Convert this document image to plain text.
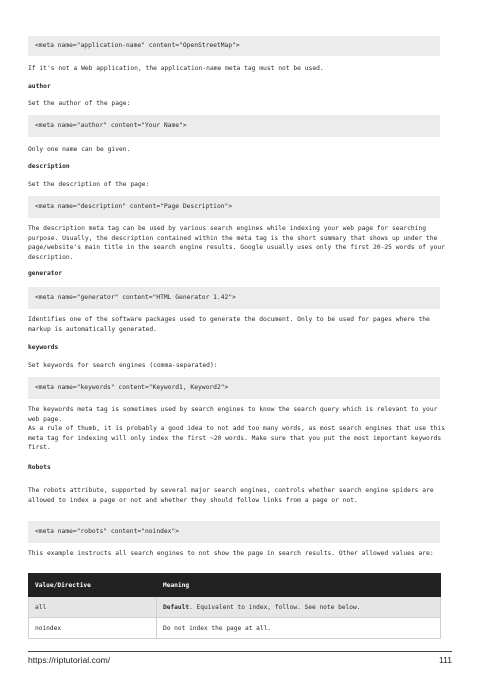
<meta name="application-name" content="OpenStreetMap">

If it's not a Web application, the application-name meta tag must not be used.

author

Set the author of the page:

<meta name="author" content="Your Name">

Only one name can be given.

description

Set the description of the page:

<meta name="description" content="Page Description">

The description meta tag can be used by various search engines while indexing your web page for searching purpose. Usually, the description contained within the meta tag is the short summary that shows up under the page/website's main title in the search engine results. Google usually uses only the first 20-25 words of your description.

generator
<meta name="generator" content="HTML Generator 1.42">

Identifies one of the software packages used to generate the document. Only to be used for pages where the markup is automatically generated.

keywords

Set keywords for search engines (comma-separated):

<meta name="keywords" content="Keyword1, Keyword2">

The keywords meta tag is sometimes used by search engines to know the search query which is relevant to your web page.

As a rule of thumb, it is probably a good idea to not add too many words, as most search engines that use this meta tag for indexing will only index the first ~20 words. Make sure that you put the most important keywords first.

Robots

The robots attribute, supported by several major search engines, controls whether search engine spiders are allowed to index a page or not and whether they should follow links from a page or not.

<meta name="robots" content="noindex">

This example instructs all search engines to not show the page in search results. Other allowed values are:

Value/Directive	Meaning
all	Default. Equivalent to index, follow. See note below.
noindex	Do not index the page at all.
https://riptutorial.com/	111
